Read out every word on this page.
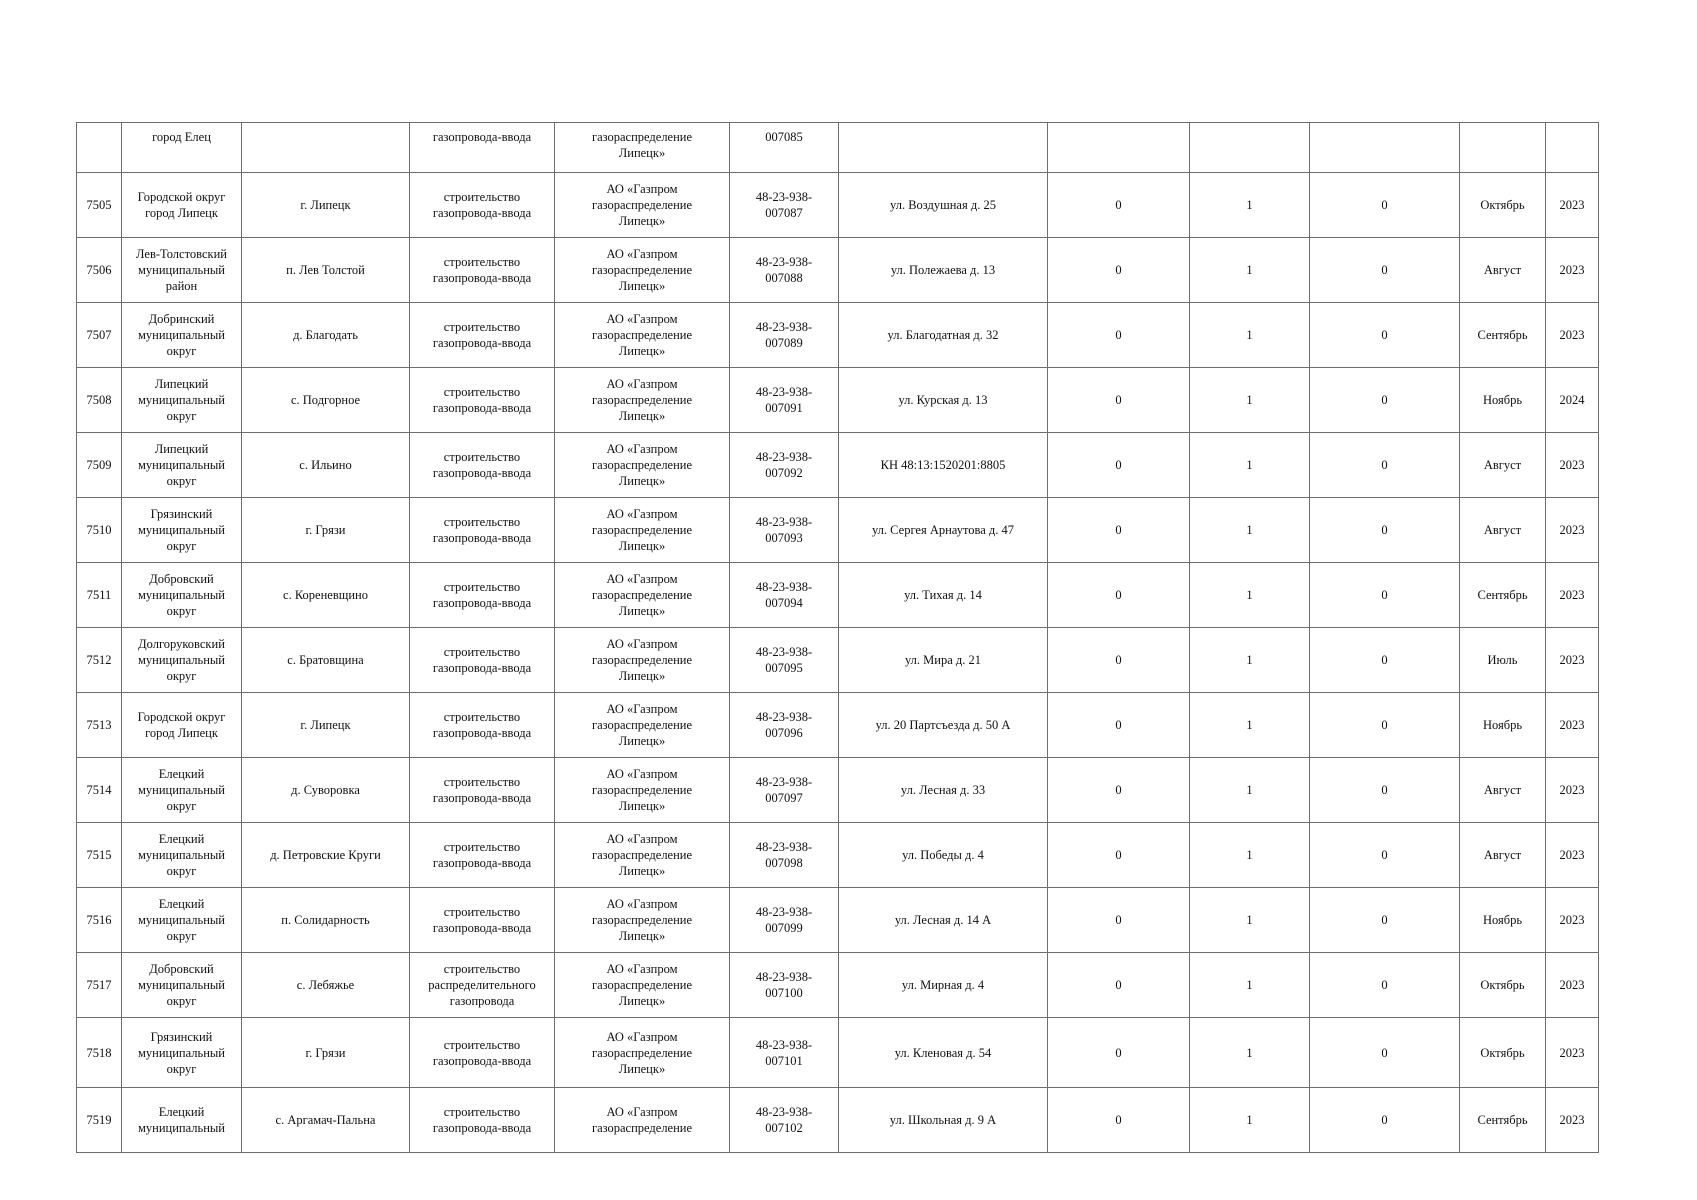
	город Елец		газопровода-ввода	газораспределение
Липецк»	007085						
7505	Городской округ
город Липецк	г. Липецк	строительство
газопровода-ввода	АО «Газпром
газораспределение
Липецк»	48-23-938-
007087	ул. Воздушная д. 25	0	1	0	Октябрь	2023
7506	Лев-Толстовский
муниципальный
район	п. Лев Толстой	строительство
газопровода-ввода	АО «Газпром
газораспределение
Липецк»	48-23-938-
007088	ул. Полежаева д. 13	0	1	0	Август	2023
7507	Добринский
муниципальный
округ	д. Благодать	строительство
газопровода-ввода	АО «Газпром
газораспределение
Липецк»	48-23-938-
007089	ул. Благодатная д. 32	0	1	0	Сентябрь	2023
7508	Липецкий
муниципальный
округ	с. Подгорное	строительство
газопровода-ввода	АО «Газпром
газораспределение
Липецк»	48-23-938-
007091	ул. Курская д. 13	0	1	0	Ноябрь	2024
7509	Липецкий
муниципальный
округ	с. Ильино	строительство
газопровода-ввода	АО «Газпром
газораспределение
Липецк»	48-23-938-
007092	КН 48:13:1520201:8805	0	1	0	Август	2023
7510	Грязинский
муниципальный
округ	г. Грязи	строительство
газопровода-ввода	АО «Газпром
газораспределение
Липецк»	48-23-938-
007093	ул. Сергея Арнаутова д. 47	0	1	0	Август	2023
7511	Добровский
муниципальный
округ	с. Кореневщино	строительство
газопровода-ввода	АО «Газпром
газораспределение
Липецк»	48-23-938-
007094	ул. Тихая д. 14	0	1	0	Сентябрь	2023
7512	Долгоруковский
муниципальный
округ	с. Братовщина	строительство
газопровода-ввода	АО «Газпром
газораспределение
Липецк»	48-23-938-
007095	ул. Мира д. 21	0	1	0	Июль	2023
7513	Городской округ
город Липецк	г. Липецк	строительство
газопровода-ввода	АО «Газпром
газораспределение
Липецк»	48-23-938-
007096	ул. 20 Партсъезда д. 50 А	0	1	0	Ноябрь	2023
7514	Елецкий
муниципальный
округ	д. Суворовка	строительство
газопровода-ввода	АО «Газпром
газораспределение
Липецк»	48-23-938-
007097	ул. Лесная д. 33	0	1	0	Август	2023
7515	Елецкий
муниципальный
округ	д. Петровские Круги	строительство
газопровода-ввода	АО «Газпром
газораспределение
Липецк»	48-23-938-
007098	ул. Победы д. 4	0	1	0	Август	2023
7516	Елецкий
муниципальный
округ	п. Солидарность	строительство
газопровода-ввода	АО «Газпром
газораспределение
Липецк»	48-23-938-
007099	ул. Лесная д. 14 А	0	1	0	Ноябрь	2023
7517	Добровский
муниципальный
округ	с. Лебяжье	строительство
распределительного
газопровода	АО «Газпром
газораспределение
Липецк»	48-23-938-
007100	ул. Мирная д. 4	0	1	0	Октябрь	2023
7518	Грязинский
муниципальный
округ	г. Грязи	строительство
газопровода-ввода	АО «Газпром
газораспределение
Липецк»	48-23-938-
007101	ул. Кленовая д. 54	0	1	0	Октябрь	2023
7519	Елецкий
муниципальный	с. Аргамач-Пальна	строительство
газопровода-ввода	АО «Газпром
газораспределение	48-23-938-
007102	ул. Школьная д. 9 А	0	1	0	Сентябрь	2023
